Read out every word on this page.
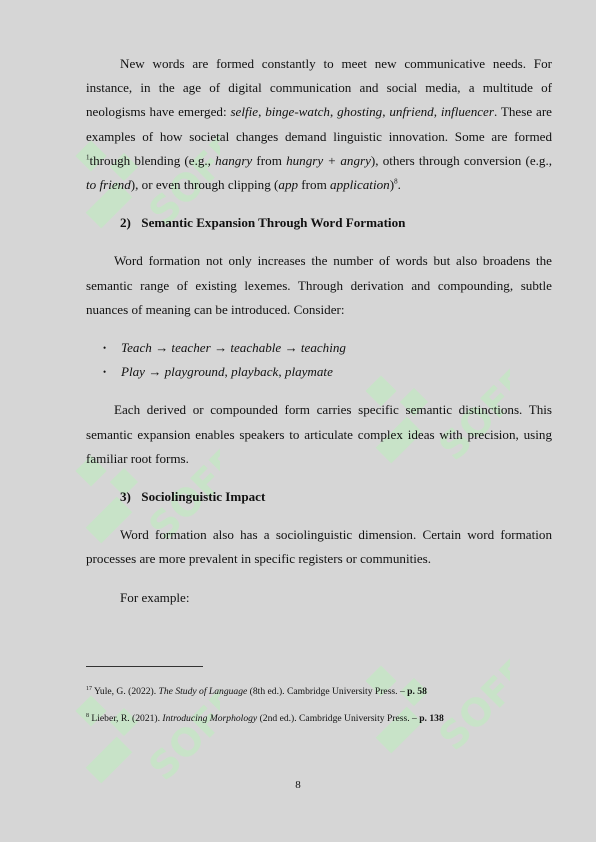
SOFF
SOFF
SOFF
SOFF
SOFF

New words are formed constantly to meet new communicative needs. For instance, in the age of digital communication and social media, a multitude of neologisms have emerged: selfie, binge-watch, ghosting, unfriend, influencer. These are examples of how societal changes demand linguistic innovation. Some are formed $^1$through blending (e.g., hangry from hungry + angry), others through conversion (e.g., to friend), or even through clipping (app from application)$^8$.

2) Semantic Expansion Through Word Formation

Word formation not only increases the number of words but also broadens the semantic range of existing lexemes. Through derivation and compounding, subtle nuances of meaning can be introduced. Consider:

• Teach → teacher → teachable → teaching
• Play → playground, playback, playmate

Each derived or compounded form carries specific semantic distinctions. This semantic expansion enables speakers to articulate complex ideas with precision, using familiar root forms.

3) Sociolinguistic Impact

Word formation also has a sociolinguistic dimension. Certain word formation processes are more prevalent in specific registers or communities.

For example:

$^{17}$ Yule, G. (2022). The Study of Language (8th ed.). Cambridge University Press. – p. 58
$^8$ Lieber, R. (2021). Introducing Morphology (2nd ed.). Cambridge University Press. – p. 138
8
